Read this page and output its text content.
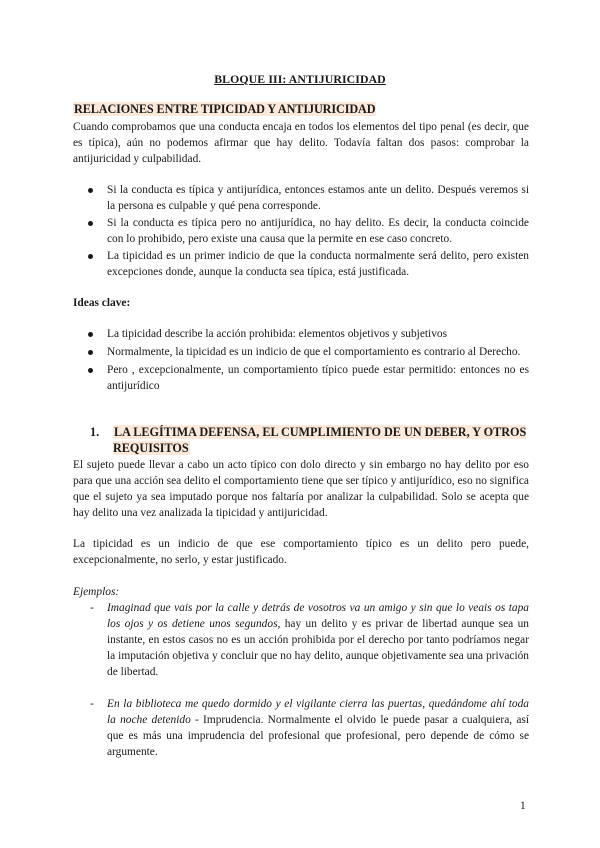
BLOQUE III: ANTIJURICIDAD
RELACIONES ENTRE TIPICIDAD Y ANTIJURICIDAD
Cuando comprobamos que una conducta encaja en todos los elementos del tipo penal (es decir, que es típica), aún no podemos afirmar que hay delito. Todavía faltan dos pasos: comprobar la antijuricidad y culpabilidad.
Si la conducta es típica y antijurídica, entonces estamos ante un delito. Después veremos si la persona es culpable y qué pena corresponde.
Si la conducta es típica pero no antijurídica, no hay delito. Es decir, la conducta coincide con lo prohibido, pero existe una causa que la permite en ese caso concreto.
La tipicidad es un primer indicio de que la conducta normalmente será delito, pero existen excepciones donde, aunque la conducta sea típica, está justificada.
Ideas clave:
La tipicidad describe la acción prohibida: elementos objetivos y subjetivos
Normalmente, la tipicidad es un indicio de que el comportamiento es contrario al Derecho.
Pero , excepcionalmente, un comportamiento típico puede estar permitido: entonces no es antijurídico
1.	LA LEGÍTIMA DEFENSA, EL CUMPLIMIENTO DE UN DEBER, Y OTROS REQUISITOS
El sujeto puede llevar a cabo un acto típico con dolo directo y sin embargo no hay delito por eso para que una acción sea delito el comportamiento tiene que ser típico y antijurídico, eso no significa que el sujeto ya sea imputado porque nos faltaría por analizar la culpabilidad. Solo se acepta que hay delito una vez analizada la tipicidad y antijuricidad.
La tipicidad es un indicio de que ese comportamiento típico es un delito pero puede, excepcionalmente, no serlo, y estar justificado.
Ejemplos:
- Imaginad que vais por la calle y detrás de vosotros va un amigo y sin que lo veais os tapa los ojos y os detiene unos segundos, hay un delito y es privar de libertad aunque sea un instante, en estos casos no es un acción prohibida por el derecho por tanto podríamos negar la imputación objetiva y concluir que no hay delito, aunque objetivamente sea una privación de libertad.
- En la biblioteca me quedo dormido y el vigilante cierra las puertas, quedándome ahí toda la noche detenido - Imprudencia. Normalmente el olvido le puede pasar a cualquiera, así que es más una imprudencia del profesional que profesional, pero depende de cómo se argumente.
1
